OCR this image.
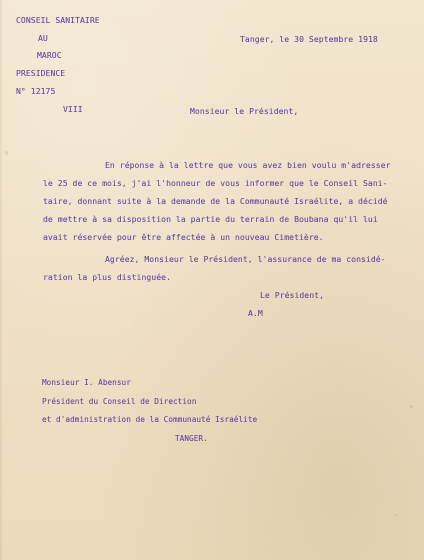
CONSEIL SANITAIRE
AU
MAROC
PRESIDENCE
N° 12175
VIII
Tanger, le 30 Septembre 1918
Monsieur le Président,
En réponse à la lettre que vous avez bien voulu m'adresser
le 25 de ce mois, j'ai l'honneur de vous informer que le Conseil Sani-
taire, donnant suite à la demande de la Communauté Israélite, a décidé
de mettre à sa disposition la partie du terrain de Boubana qu'il lui
avait réservée pour être affectée à un nouveau Cimetière.
Agréez, Monsieur le Président, l'assurance de ma considé-
ration la plus distinguée.
Le Président,
A.M
Monsieur I. Abensur
Président du Conseil de Direction
et d'administration de la Communauté Israélite
TANGER.
